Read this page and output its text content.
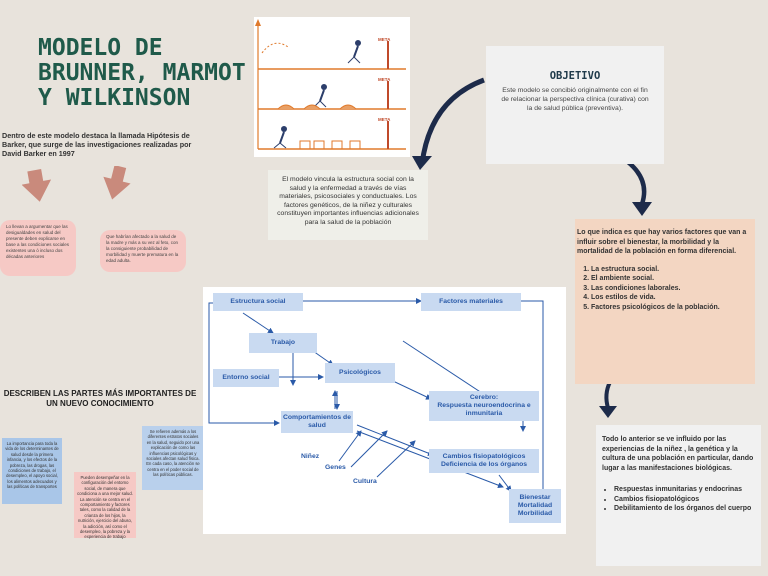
MODELO DE BRUNNER, MARMOT Y WILKINSON
Dentro de este modelo destaca la llamada Hipótesis de Barker, que surge de las investigaciones realizadas por David Barker en 1997
Lo llevan a argumentar que las desigualdades en salud del presente deben explicarse en base a las condiciones sociales existentes una ó incluso dos décadas anteriores
Que habrían afectado a la salud de la madre y más a su vez al feto, con la consiguiente probabilidad de morbilidad y muerte prematura en la edad adulta.
DESCRIBEN LAS PARTES MÁS IMPORTANTES DE UN NUEVO CONOCIMIENTO
La importancia para toda la vida de los determinantes de salud desde la primera infancia, y los efectos de la pobreza, las drogas, las condiciones de trabajo, el desempleo, el apoyo social, los alimentos adecuados y las políticas de transportes
Pueden desempeñar en la configuración del entorno social, de manera que condiciona a una mejor salud. La atención se centra en el comportamiento y factores tales, como la calidad de la crianza de los hijos, la nutrición, ejercicio del abuso, la adicción, así como el desempleo, la pobreza y la experiencia de trabajo
Se refieren además a los diferentes estratos sociales en la salud, seguido por una explicación de como las influencias psicológicas y sociales afectan salud física. En cada caso, la atención se centra en el poder social de las políticas públicas.
META
META
META
El modelo vincula la estructura social con la salud y la enfermedad a través de vías materiales, psicosociales y conductuales. Los factores genéticos, de la niñez y culturales constituyen importantes influencias adicionales para la salud de la población
OBJETIVO
Este modelo se concibió originalmente con el fin de relacionar la perspectiva clínica (curativa) con la de salud pública (preventiva).
Lo que indica es que hay varios factores que van a influir sobre el bienestar, la morbilidad y la mortalidad de la población en forma diferencial.
1. La estructura social.
2. El ambiente social.
3. Las condiciones laborales.
4. Los estilos de vida.
5. Factores psicológicos de la población.
Todo lo anterior se ve influido por las experiencias de la niñez , la genética y la cultura de una población en particular, dando lugar a las manifestaciones biológicas.
• Respuestas inmunitarias y endocrinas
• Cambios fisiopatológicos
• Debilitamiento de los órganos del cuerpo
Estructura social	Factores materiales
Trabajo
Entorno social
Psicológicos
Cerebro:
Respuesta neuroendocrina e inmunitaria
Comportamientos de salud
Cambios fisiopatológicos Deficiencia de los órganos
Bienestar
Mortalidad
Morbilidad
Niñez
Genes
Cultura
